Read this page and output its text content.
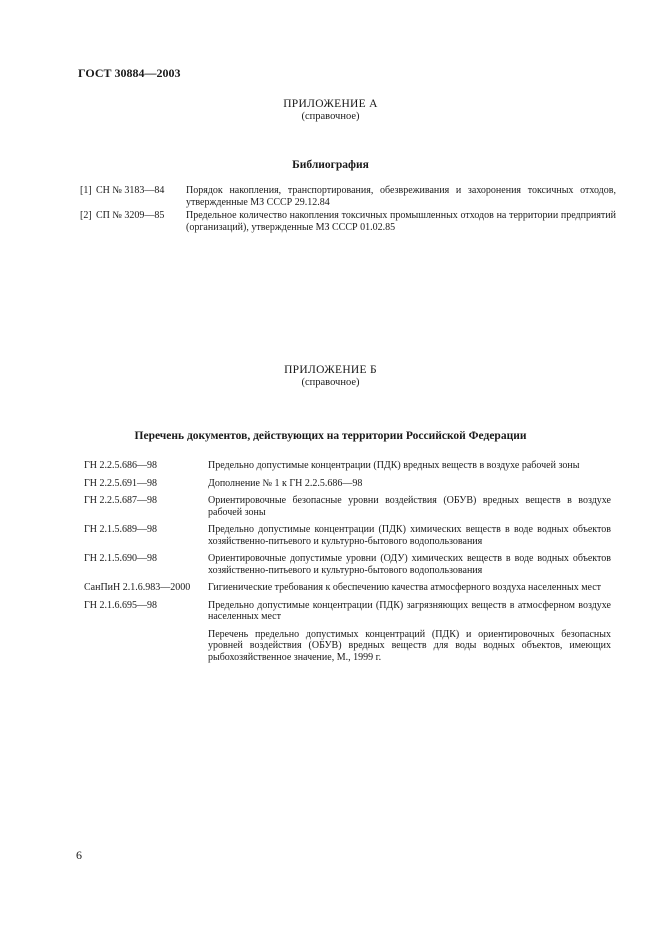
ГОСТ 30884—2003
ПРИЛОЖЕНИЕ А
(справочное)
Библиография
[1] СН № 3183—84	Порядок накопления, транспортирования, обезвреживания и захоронения токсичных отходов, утвержденные МЗ СССР 29.12.84
[2] СП № 3209—85	Предельное количество накопления токсичных промышленных отходов на территории предприятий (организаций), утвержденные МЗ СССР 01.02.85
ПРИЛОЖЕНИЕ Б
(справочное)
Перечень документов, действующих на территории Российской Федерации
ГН 2.2.5.686—98	Предельно допустимые концентрации (ПДК) вредных веществ в воздухе рабочей зоны
ГН 2.2.5.691—98	Дополнение № 1 к ГН 2.2.5.686—98
ГН 2.2.5.687—98	Ориентировочные безопасные уровни воздействия (ОБУВ) вредных веществ в воздухе рабочей зоны
ГН 2.1.5.689—98	Предельно допустимые концентрации (ПДК) химических веществ в воде водных объектов хозяйственно-питьевого и культурно-бытового водопользования
ГН 2.1.5.690—98	Ориентировочные допустимые уровни (ОДУ) химических веществ в воде водных объектов хозяйственно-питьевого и культурно-бытового водопользования
СанПиН 2.1.6.983—2000	Гигиенические требования к обеспечению качества атмосферного воздуха населенных мест
ГН 2.1.6.695—98	Предельно допустимые концентрации (ПДК) загрязняющих веществ в атмосферном воздухе населенных мест
Перечень предельно допустимых концентраций (ПДК) и ориентировочных безопасных уровней воздействия (ОБУВ) вредных веществ для воды водных объектов, имеющих рыбохозяйственное значение, М., 1999 г.
6
